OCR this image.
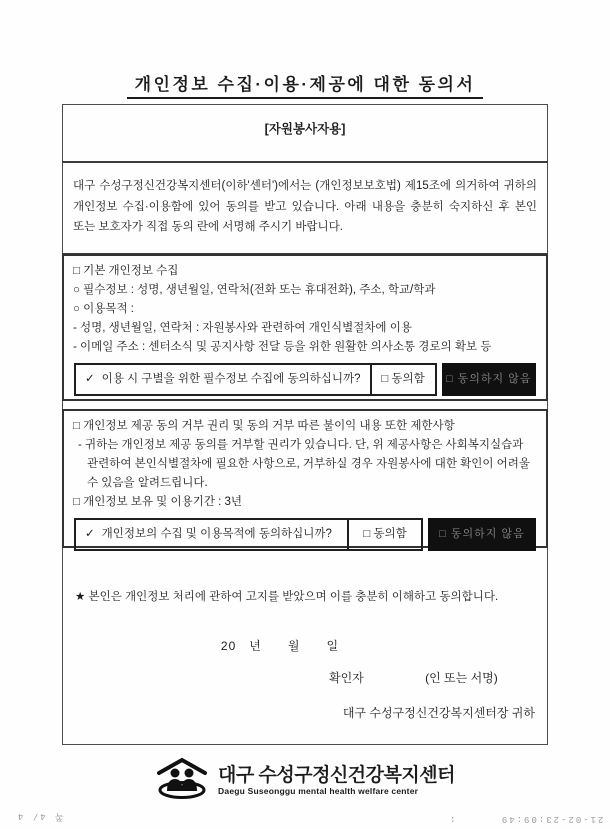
개인정보 수집·이용·제공에 대한 동의서
[자원봉사자용]
대구 수성구정신건강복지센터(이하'센터')에서는 (개인정보보호법) 제15조에 의거하여 귀하의 개인정보 수집·이용함에 있어 동의를 받고 있습니다. 아래 내용을 충분히 숙지하신 후 본인 또는 보호자가 직접 동의 란에 서명해 주시기 바랍니다.

□ 기본 개인정보 수집

○ 필수정보 : 성명, 생년월일, 연락처(전화 또는 휴대전화), 주소, 학교/학과

○ 이용목적 :

- 성명, 생년월일, 연락처 : 자원봉사와 관련하여 개인식별절차에 이용

- 이메일 주소 : 센터소식 및 공지사항 전달 등을 위한 원활한 의사소통 경로의 확보 등

✓ 이용 시 구별을 위한 필수정보 수집에 동의하십니까? □ 동의함 □ 동의하지 않음

□ 개인정보 제공 동의 거부 권리 및 동의 거부 따른 불이익 내용 또한 제한사항

- 귀하는 개인정보 제공 동의를 거부할 권리가 있습니다. 단, 위 제공사항은 사회복지실습과 관련하여 본인식별절차에 필요한 사항으로, 거부하실 경우 자원봉사에 대한 확인이 어려울 수 있음을 알려드립니다.

□ 개인정보 보유 및 이용기간 : 3년

✓ 개인정보의 수집 및 이용목적에 동의하십니까?	□ 동의함	□ 동의하지 않음

★ 본인은 개인정보 처리에 관하여 고지를 받았으며 이를 충분히 이해하고 동의합니다.

20   년      월      일
확인자	(인 또는 서명)
대구 수성구정신건강복지센터장 귀하
대구 수성구정신건강복지센터
Daegu Suseonggu mental health welfare center
쪽 4/ 4	21-02-23:09:49      :
